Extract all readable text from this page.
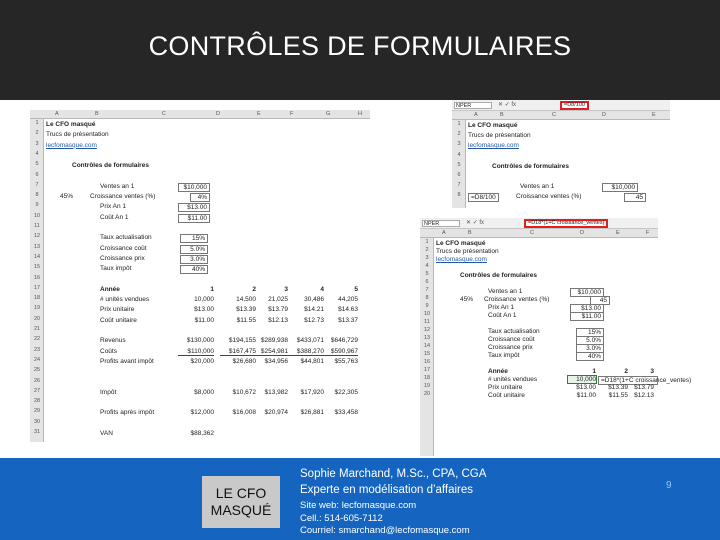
CONTRÔLES DE FORMULAIRES
A	B	C	D	E	F	G	H
1	Le CFO masqué
2	Trucs de présentation
3	lecfomasque.com
4
5	Contrôles de formulaires
6
7	Ventes an 1	$10,000
8	45%	Croissance ventes (%)	4%
9	Prix An 1	$13.00
10	Coût An 1	$11.00
11
12	Taux actualisation	15%
13	Croissance coût	5.0%
14	Croissance prix	3.0%
15	Taux impôt	40%
16
17	Année	1	2	3	4	5
18	# unités vendues	10,000	14,500	21,025	30,486	44,205
19	Prix unitaire	$13.00	$13.39	$13.79	$14.21	$14.63
20	Coût unitaire	$11.00	$11.55	$12.13	$12.73	$13.37
21
22	Revenus	$130,000	$194,155 $289,938	$433,071	$646,729
23	Coûts	$110,000	$167,475 $254,981	$388,270	$590,967
24	Profits avant impôt	$20,000	$26,680	$34,956	$44,801	$55,763
25
26
27	Impôt	$8,000	$10,672	$13,982	$17,920	$22,305
28
29	Profits après impôt	$12,000	$16,008	$20,974	$26,881	$33,458
30
31	VAN	$88,362
NPER	✕ ✓ fx	=D8/100
A	B	C	D	E
1	Le CFO masqué
2	Trucs de présentation
3	lecfomasque.com
4
5	Contrôles de formulaires
6
7	Ventes an 1	$10,000
8	=D8/100	Croissance ventes (%)	45
NPER	✕ ✓ fx	=D18*(1+C croissance_ventes)
A	B	C	D	E	F
1	Le CFO masqué
2	Trucs de présentation
3	lecfomasque.com
4
5	Contrôles de formulaires
6
7	Ventes an 1	$10,000
8	45% Croissance ventes (%)	45
9	Prix An 1	$13.00
10	Coût An 1	$11.00
11
12	Taux actualisation	15%
13	Croissance coût	5.0%
14	Croissance prix	3.0%
15	Taux impôt	40%
16
17	Année	1	2	3
18	# unités vendues	10,000 =D18*(1+C croissance_ventes)
19	Prix unitaire	$13.00	$13.39 $13.79
20	Coût unitaire	$11.00	$11.55 $12.13
LE CFO
MASQUÉ
Sophie Marchand, M.Sc., CPA, CGA
Experte en modélisation d’affaires
Site web: lecfomasque.com
Cell.: 514-605-7112
Courriel: smarchand@lecfomasque.com
9
